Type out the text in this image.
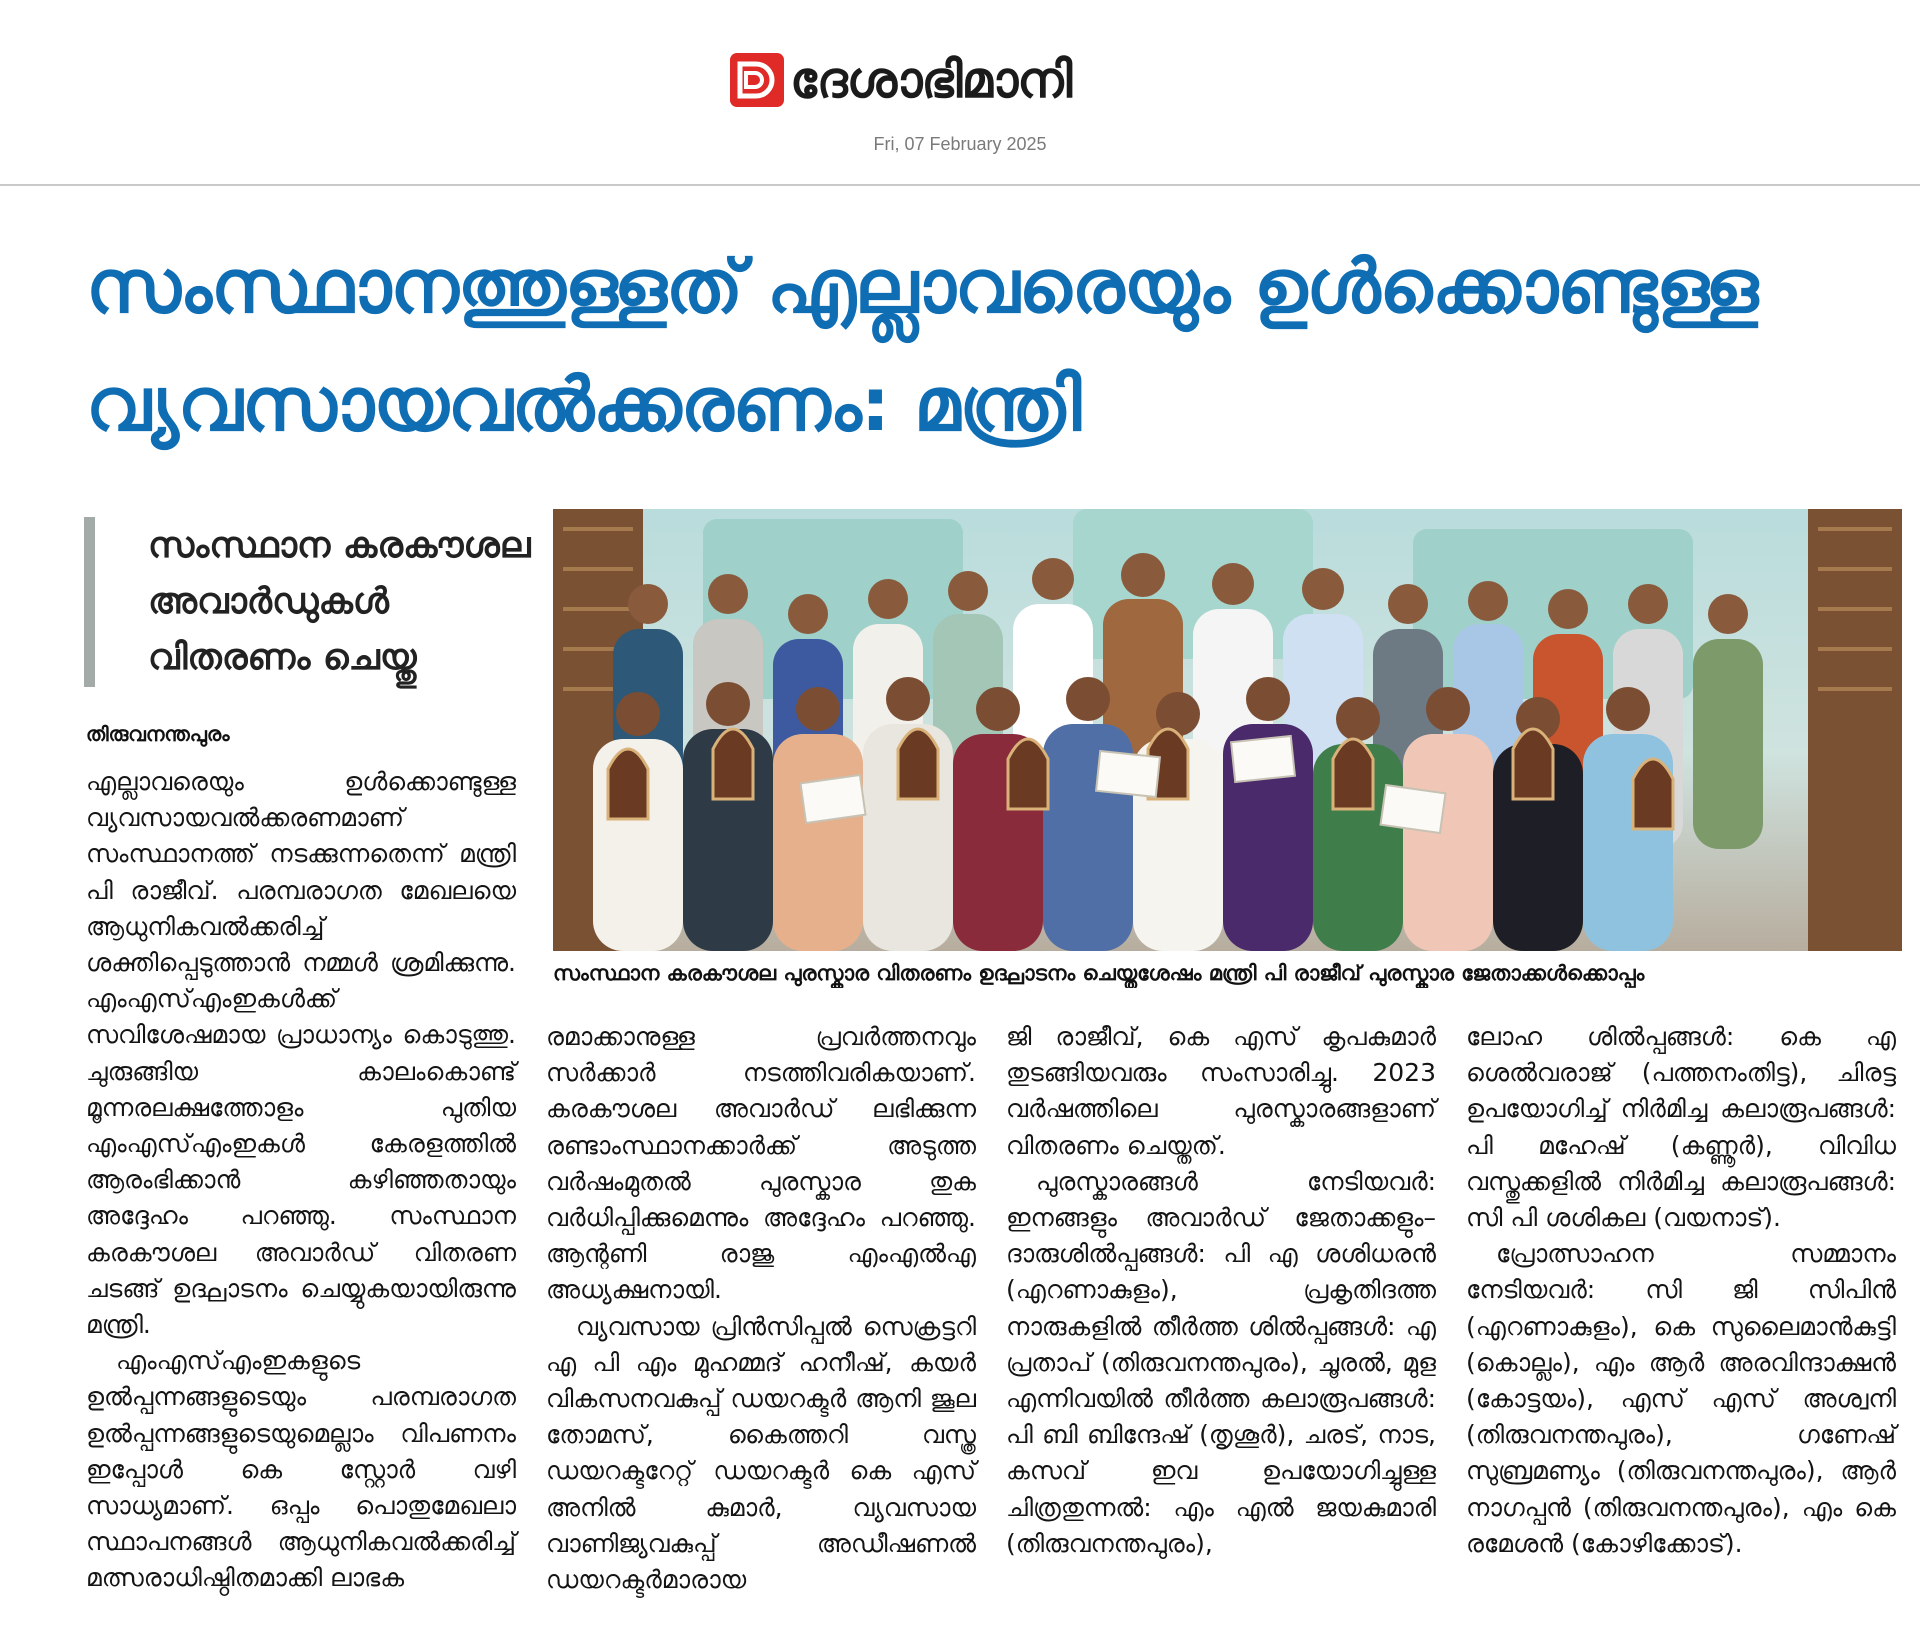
ദേശാഭിമാനി
Fri, 07 February 2025
സംസ്ഥാനത്തുള്ളത് എല്ലാവരെയും ഉൾക്കൊണ്ടുള്ള വ്യവസായവൽക്കരണം: മന്ത്രി
സംസ്ഥാന കരകൗശല അവാർഡുകൾ വിതരണം ചെയ്തു

സംസ്ഥാന കരകൗശല പുരസ്കാര വിതരണം ഉദ്ഘാടനം ചെയ്തശേഷം മന്ത്രി പി രാജീവ് പുരസ്കാര ജേതാക്കൾക്കൊപ്പം

തിരുവനന്തപുരം

എല്ലാവരെയും ഉൾക്കൊണ്ടുള്ള വ്യവസായവൽക്കരണമാണ് സംസ്ഥാനത്ത് നടക്കുന്നതെന്ന് മന്ത്രി പി രാജീവ്. പരമ്പരാഗത മേഖലയെ ആധുനികവൽക്കരിച്ച് ശക്തിപ്പെടുത്താൻ നമ്മൾ ശ്രമിക്കുന്നു. എംഎസ്എംഇകൾക്ക് സവിശേഷമായ പ്രാധാന്യം കൊടുത്തു. ചുരുങ്ങിയ കാലംകൊണ്ട് മൂന്നരലക്ഷത്തോളം പുതിയ എംഎസ്എംഇകൾ കേരളത്തിൽ ആരംഭിക്കാൻ കഴിഞ്ഞതായും അദ്ദേഹം പറഞ്ഞു. സംസ്ഥാന കരകൗശല അവാർഡ് വിതരണ ചടങ്ങ് ഉദ്ഘാടനം ചെയ്യുകയായിരുന്നു മന്ത്രി.

എംഎസ്എംഇകളുടെ ഉൽപ്പന്നങ്ങളുടെയും പരമ്പരാഗത ഉൽപ്പന്നങ്ങളുടെയുമെല്ലാം വിപണനം ഇപ്പോൾ കെ സ്റ്റോർ വഴി സാധ്യമാണ്. ഒപ്പം പൊതുമേഖലാ സ്ഥാപനങ്ങൾ ആധുനികവൽക്കരിച്ച് മത്സരാധിഷ്ഠിതമാക്കി ലാഭക

രമാക്കാനുള്ള പ്രവർത്തനവും സർക്കാർ നടത്തിവരികയാണ്. കരകൗശല അവാർഡ് ലഭിക്കുന്ന രണ്ടാംസ്ഥാനക്കാർക്ക് അടുത്ത വർഷംമുതൽ പുരസ്കാര തുക വർധിപ്പിക്കുമെന്നും അദ്ദേഹം പറഞ്ഞു. ആന്റണി രാജു എംഎൽഎ അധ്യക്ഷനായി.

വ്യവസായ പ്രിൻസിപ്പൽ സെക്രട്ടറി എ പി എം മുഹമ്മദ് ഹനീഷ്, കയർ വികസനവകുപ്പ് ഡയറക്ടർ ആനി ജൂല തോമസ്, കൈത്തറി വസ്ത്ര ഡയറക്ടറേറ്റ് ഡയറക്ടർ കെ എസ് അനിൽ കുമാർ, വ്യവസായ വാണിജ്യവകുപ്പ് അഡീഷണൽ ഡയറക്ടർമാരായ

ജി രാജീവ്, കെ എസ് കൃപകുമാർ തുടങ്ങിയവരും സംസാരിച്ചു. 2023 വർഷത്തിലെ പുരസ്കാരങ്ങളാണ് വിതരണം ചെയ്തത്.

പുരസ്കാരങ്ങൾ നേടിയവർ: ഇനങ്ങളും അവാർഡ് ജേതാക്കളും– ദാരുശിൽപ്പങ്ങൾ: പി എ ശശിധരൻ (എറണാകുളം), പ്രകൃതിദത്ത നാരുകളിൽ തീർത്ത ശിൽപ്പങ്ങൾ: എ പ്രതാപ് (തിരുവനന്തപുരം), ചൂരൽ, മുള എന്നിവയിൽ തീർത്ത കലാരൂപങ്ങൾ: പി ബി ബിന്ദേഷ് (തൃശൂർ), ചരട്, നാട, കസവ് ഇവ ഉപയോഗിച്ചുള്ള ചിത്രതുന്നൽ: എം എൽ ജയകുമാരി (തിരുവനന്തപുരം),

ലോഹ ശിൽപ്പങ്ങൾ: കെ എ ശെൽവരാജ് (പത്തനംതിട്ട), ചിരട്ട ഉപയോഗിച്ച് നിർമിച്ച കലാരൂപങ്ങൾ: പി മഹേഷ് (കണ്ണൂർ), വിവിധ വസ്തുക്കളിൽ നിർമിച്ച കലാരൂപങ്ങൾ: സി പി ശശികല (വയനാട്).

പ്രോത്സാഹന സമ്മാനം നേടിയവർ: സി ജി സിപിൻ (എറണാകുളം), കെ സുലൈമാൻകുട്ടി (കൊല്ലം), എം ആർ അരവിന്ദാക്ഷൻ (കോട്ടയം), എസ് എസ് അശ്വനി (തിരുവനന്തപുരം), ഗണേഷ് സുബ്രമണ്യം (തിരുവനന്തപുരം), ആർ നാഗപ്പൻ (തിരുവനന്തപുരം), എം കെ രമേശൻ (കോഴിക്കോട്).
